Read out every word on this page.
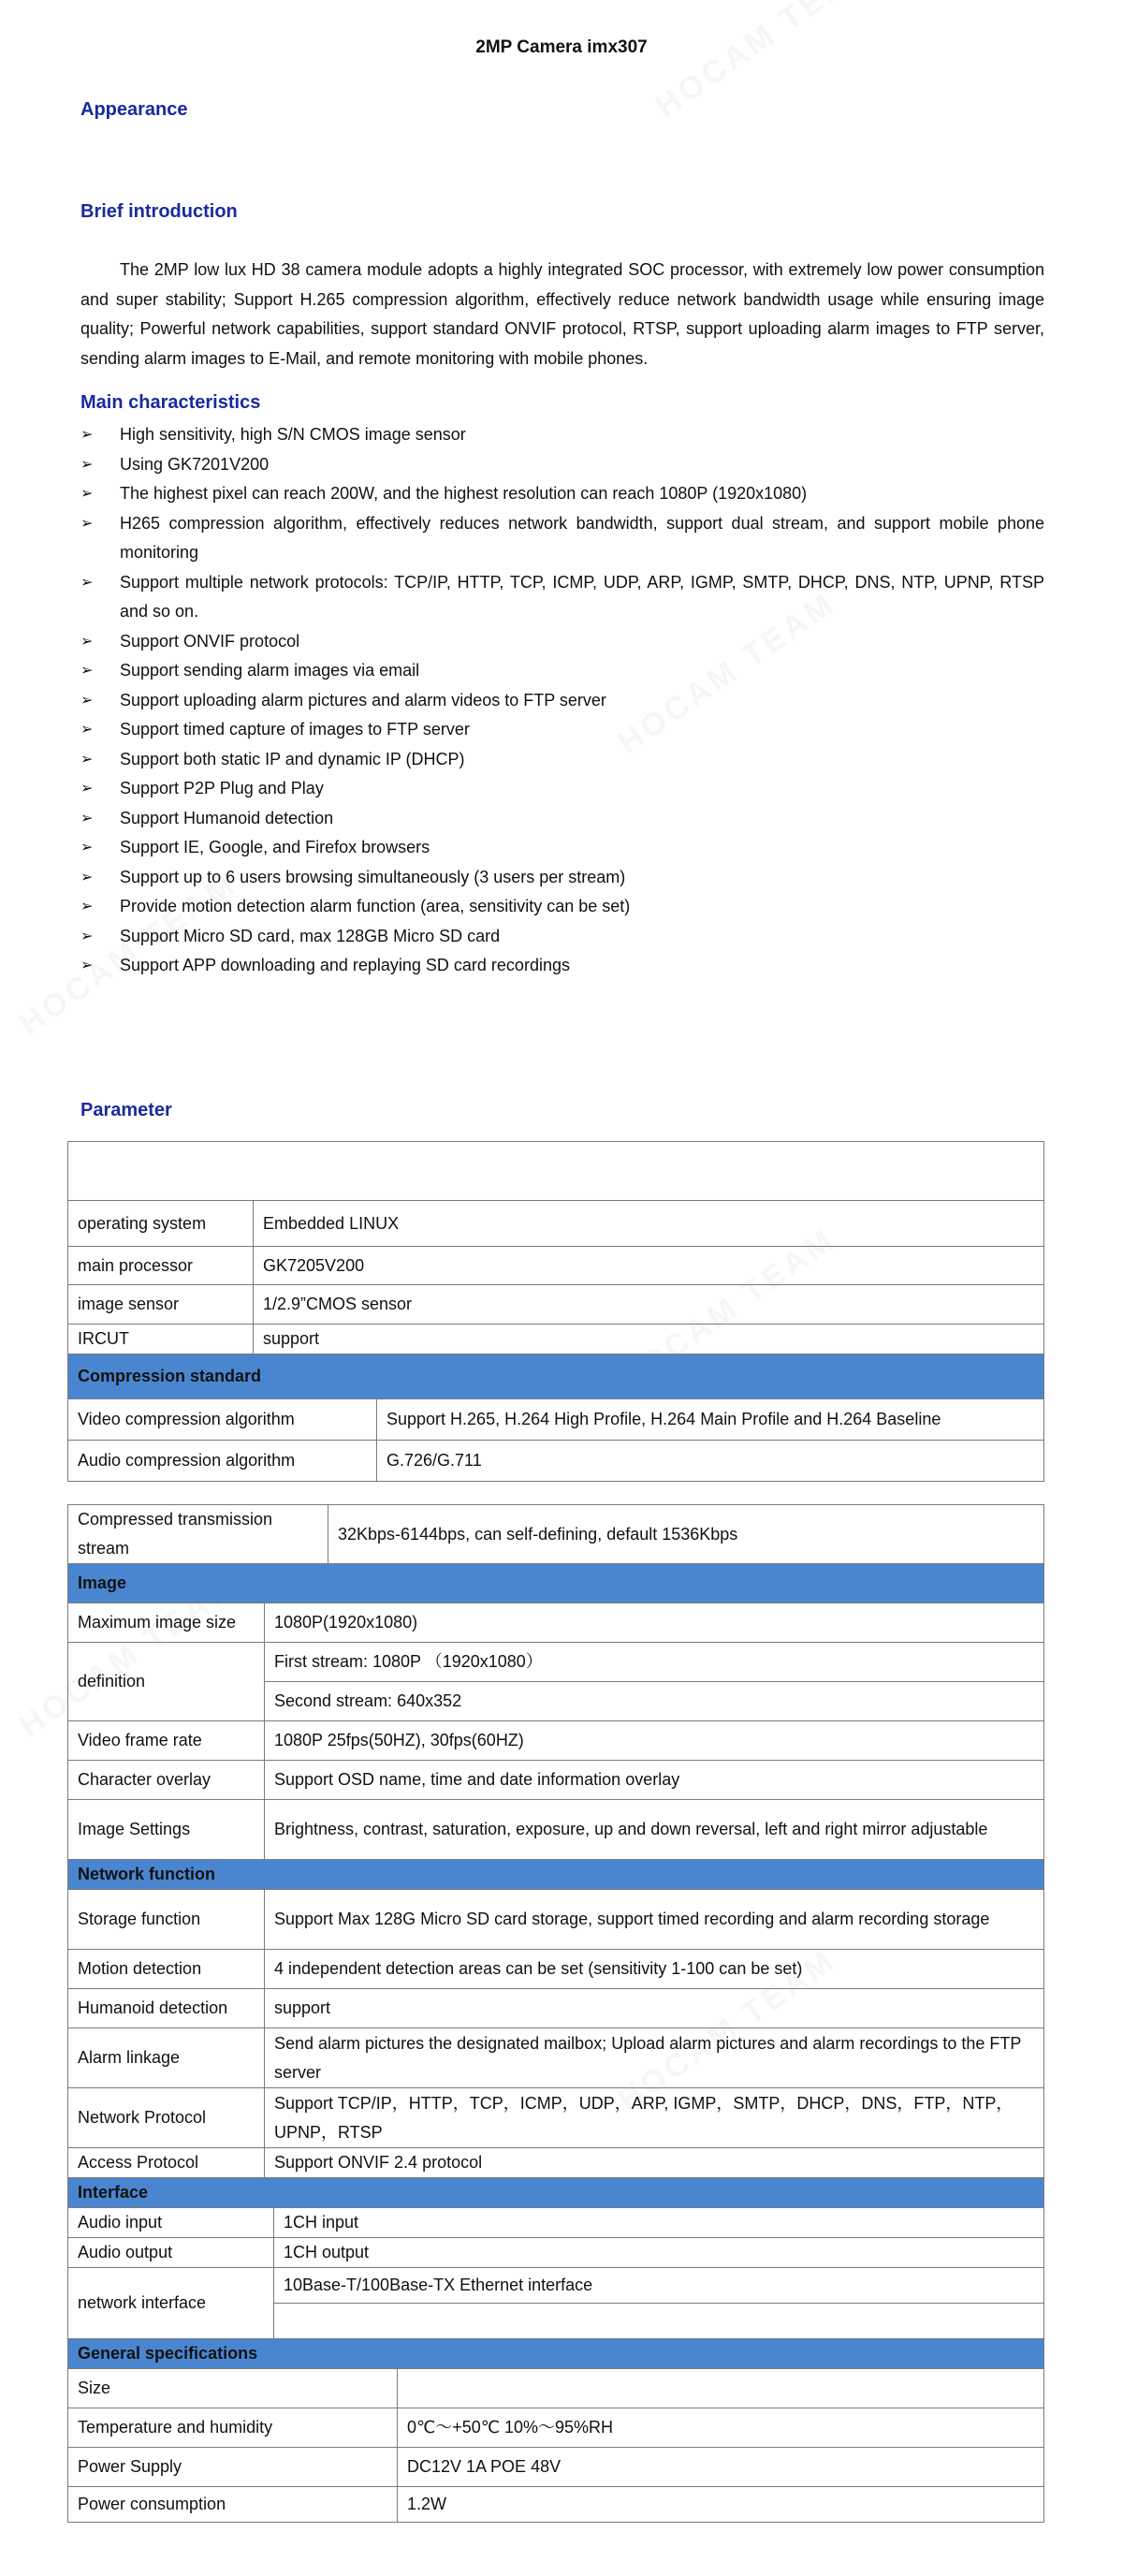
2MP Camera imx307
Appearance
Brief introduction
The 2MP low lux HD 38 camera module adopts a highly integrated SOC processor, with extremely low power consumption and super stability; Support H.265 compression algorithm, effectively reduce network bandwidth usage while ensuring image quality; Powerful network capabilities, support standard ONVIF protocol, RTSP, support uploading alarm images to FTP server, sending alarm images to E-Mail, and remote monitoring with mobile phones.
Main characteristics
➢ High sensitivity, high S/N CMOS image sensor
➢ Using GK7201V200
➢ The highest pixel can reach 200W, and the highest resolution can reach 1080P (1920x1080)
➢ H265 compression algorithm, effectively reduces network bandwidth, support dual stream, and support mobile phone monitoring
➢ Support multiple network protocols: TCP/IP, HTTP, TCP, ICMP, UDP, ARP, IGMP, SMTP, DHCP, DNS, NTP, UPNP, RTSP and so on.
➢ Support ONVIF protocol
➢ Support sending alarm images via email
➢ Support uploading alarm pictures and alarm videos to FTP server
➢ Support timed capture of images to FTP server
➢ Support both static IP and dynamic IP (DHCP)
➢ Support P2P Plug and Play
➢ Support Humanoid detection
➢ Support IE, Google, and Firefox browsers
➢ Support up to 6 users browsing simultaneously (3 users per stream)
➢ Provide motion detection alarm function (area, sensitivity can be set)
➢ Support Micro SD card, max 128GB Micro SD card
➢ Support APP downloading and replaying SD card recordings
Parameter

operating system	Embedded LINUX	
main processor	GK7205V200	
image sensor	1/2.9”CMOS sensor	
IRCUT	support	
Compression standard		
Video compression algorithm		Support H.265, H.264 High Profile, H.264 Main Profile and H.264 Baseline
Audio compression algorithm		G.726/G.711
Compressed transmission stream			32Kbps-6144bps, can self-defining, default 1536Kbps	
Image				
Maximum image size	1080P(1920x1080)			
definition	First stream: 1080P （1920x1080）			
	Second stream: 640x352			
Video frame rate	1080P 25fps(50HZ), 30fps(60HZ)			
Character overlay	Support OSD name, time and date information overlay			
Image Settings	Brightness, contrast, saturation, exposure, up and down reversal, left and right mirror adjustable			
Network function				
Storage function	Support Max 128G Micro SD card storage, support timed recording and alarm recording storage			
Motion detection	4 independent detection areas can be set (sensitivity 1-100 can be set)			
Humanoid detection	support			
Alarm linkage	Send alarm pictures the designated mailbox; Upload alarm pictures and alarm recordings to the FTP server			
Network Protocol	Support TCP/IP，HTTP，TCP，ICMP，UDP，ARP, IGMP，SMTP，DHCP，DNS，FTP，NTP，UPNP，RTSP			
Access Protocol	Support ONVIF 2.4 protocol			
Interface				
Audio input		1CH input		
Audio output		1CH output		
network interface		10Base-T/100Base-TX Ethernet interface		

General specifications				
Size				
Temperature and humidity				0℃～+50℃ 10%～95%RH
Power Supply				DC12V 1A POE 48V
Power consumption				1.2W
